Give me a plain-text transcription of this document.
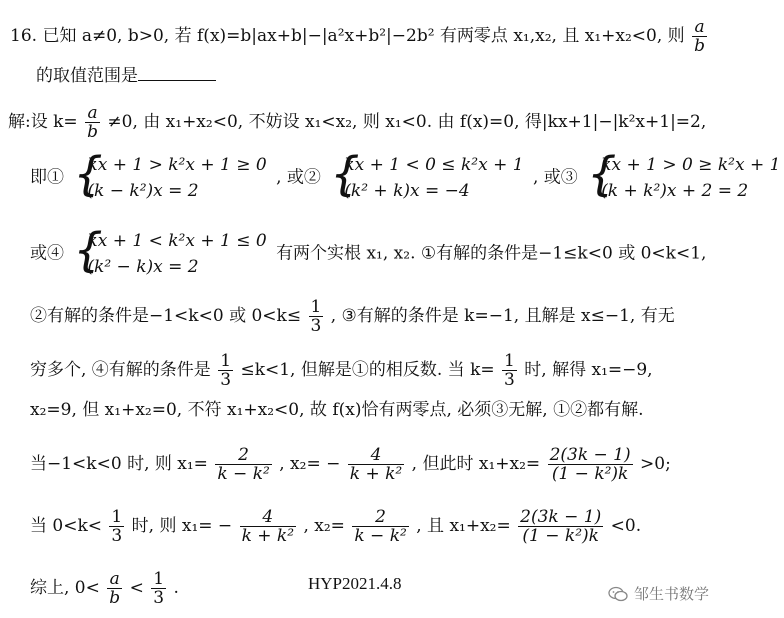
16. 已知 a≠0, b>0, 若 f(x)=b|ax+b|−|a²x+b²|−2b² 有两零点 x₁,x₂, 且 x₁+x₂<0, 则 $\frac{a}{b}$
的取值范围是
解:设 $k= \frac{a}{b} \ne 0$, 由 x₁+x₂<0, 不妨设 x₁<x₂, 则 x₁<0. 由 f(x)=0, 得|kx+1|−|k²x+1|=2,
即① {
kx + 1 > k²x + 1 ≥ 0
(k − k²)x = 2
, 或② {
kx + 1 < 0 ≤ k²x + 1
(k² + k)x = −4
, 或③ {
kx + 1 > 0 ≥ k²x + 1
(k + k²)x + 2 = 2
或④ {
kx + 1 < k²x + 1 ≤ 0
(k² − k)x = 2
有两个实根 x₁, x₂. ①有解的条件是−1≤k<0 或 0<k<1,
②有解的条件是−1<k<0 或 $0<k\le \frac{1}{3}$ , ③有解的条件是 k=−1, 且解是 x≤−1, 有无
穷多个, ④有解的条件是 $\frac{1}{3} \le k<1$, 但解是①的相反数. 当 $k= \frac{1}{3}$ 时, 解得 x₁=−9,
x₂=9, 但 x₁+x₂=0, 不符 x₁+x₂<0, 故 f(x)恰有两零点, 必须③无解, ①②都有解.
当−1<k<0 时, 则 $x_1= \frac{2}{\text{k − k²}}$ , $x_2= - \frac{4}{\text{k + k²}}$ , 但此时 $x_1+x_2= \frac{2(3k - 1)}{\text{(1 − k²)k}} >0$;
当 $0<k< \frac{1}{3}$ 时, 则 $x_1= - \frac{4}{\text{k + k²}}$ , $x_2= \frac{2}{\text{k − k²}}$ , 且 $x_1+x_2= \frac{2(3k - 1)}{\text{(1 − k²)k}} <0$.
综上, $0< \frac{a}{b} < \frac{1}{3}$ .	HYP2021.4.8
邹生书数学
